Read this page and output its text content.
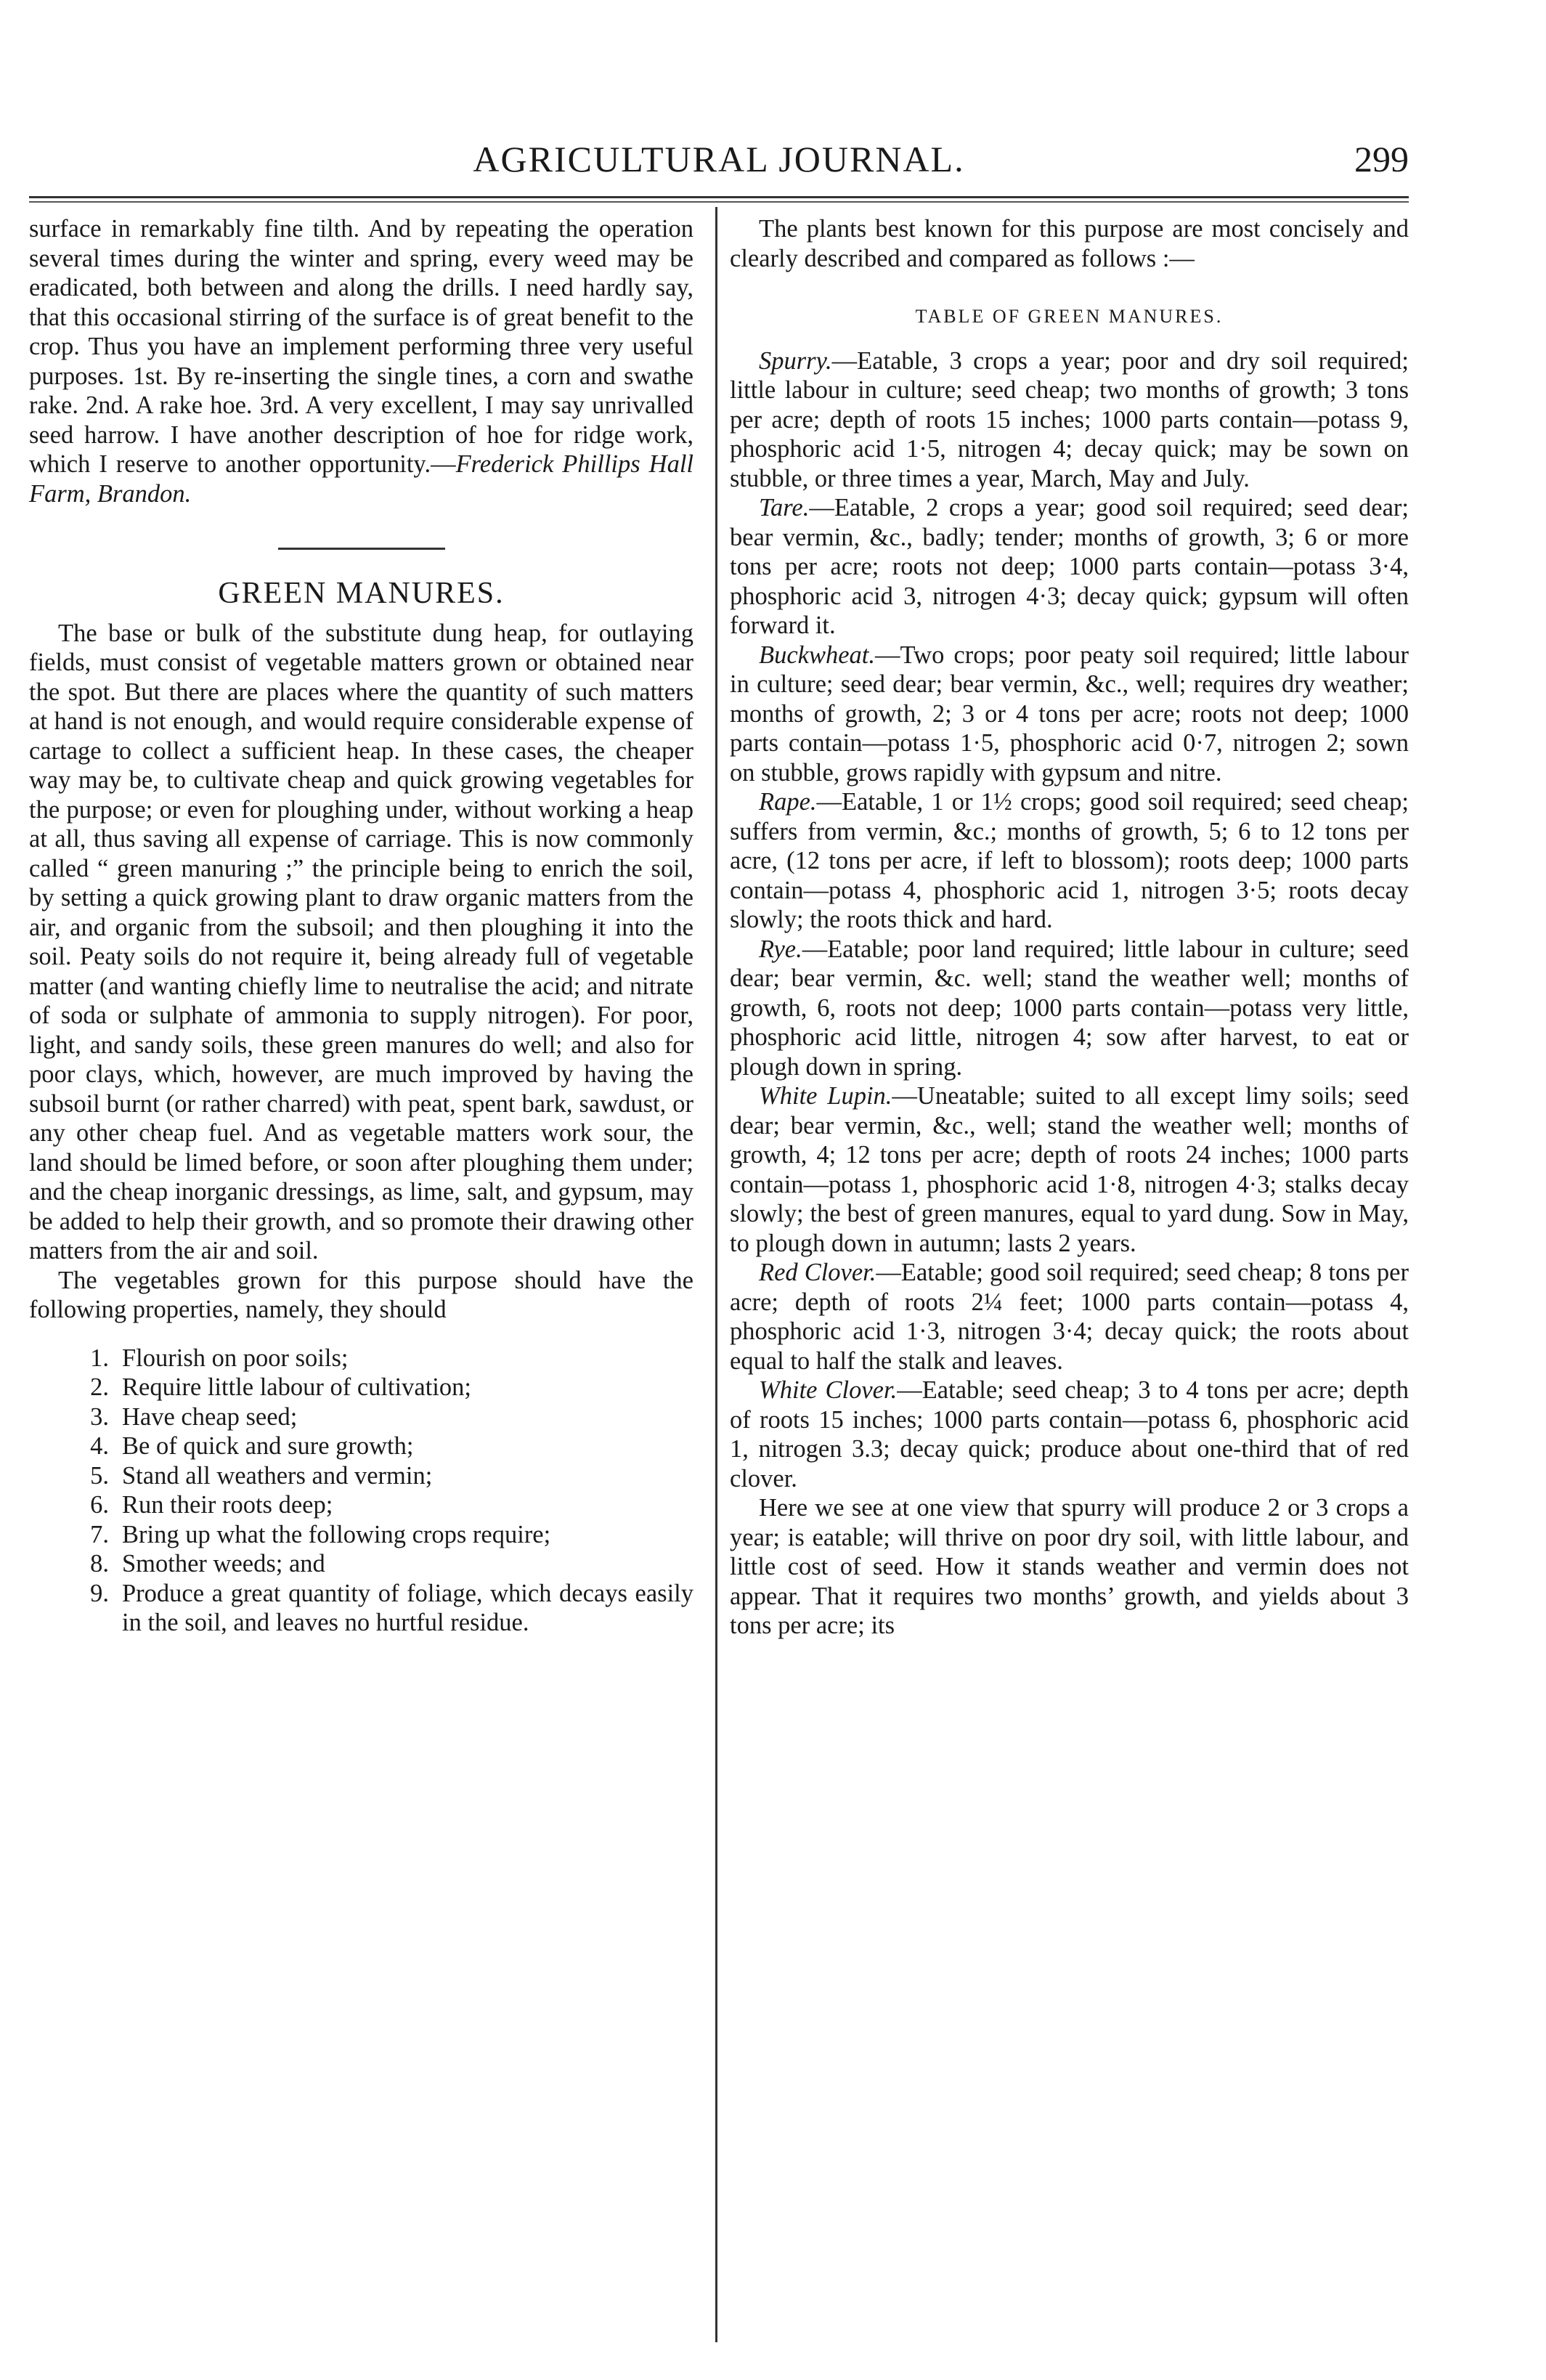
AGRICULTURAL JOURNAL.	299

surface in remarkably fine tilth. And by repeating the operation several times during the winter and spring, every weed may be eradicated, both between and along the drills. I need hardly say, that this occasional stirring of the surface is of great benefit to the crop. Thus you have an implement performing three very useful purposes. 1st. By re-inserting the single tines, a corn and swathe rake. 2nd. A rake hoe. 3rd. A very excellent, I may say unrivalled seed harrow. I have another description of hoe for ridge work, which I reserve to another opportunity.—Frederick Phillips Hall Farm, Brandon.

GREEN MANURES.

The base or bulk of the substitute dung heap, for outlaying fields, must consist of vegetable matters grown or obtained near the spot. But there are places where the quantity of such matters at hand is not enough, and would require considerable expense of cartage to collect a sufficient heap. In these cases, the cheaper way may be, to cultivate cheap and quick growing vegetables for the purpose; or even for ploughing under, without working a heap at all, thus saving all expense of carriage. This is now commonly called “ green manuring ;” the principle being to enrich the soil, by setting a quick growing plant to draw organic matters from the air, and organic from the subsoil; and then ploughing it into the soil. Peaty soils do not require it, being already full of vegetable matter (and wanting chiefly lime to neutralise the acid; and nitrate of soda or sulphate of ammonia to supply nitrogen). For poor, light, and sandy soils, these green manures do well; and also for poor clays, which, however, are much improved by having the subsoil burnt (or rather charred) with peat, spent bark, sawdust, or any other cheap fuel. And as vegetable matters work sour, the land should be limed before, or soon after ploughing them under; and the cheap inorganic dressings, as lime, salt, and gypsum, may be added to help their growth, and so promote their drawing other matters from the air and soil.

The vegetables grown for this purpose should have the following properties, namely, they should

1. Flourish on poor soils;
2. Require little labour of cultivation;
3. Have cheap seed;
4. Be of quick and sure growth;
5. Stand all weathers and vermin;
6. Run their roots deep;
7. Bring up what the following crops require;
8. Smother weeds; and
9. Produce a great quantity of foliage, which decays easily in the soil, and leaves no hurtful residue.

The plants best known for this purpose are most concisely and clearly described and compared as follows :—

TABLE OF GREEN MANURES.

Spurry.—Eatable, 3 crops a year; poor and dry soil required; little labour in culture; seed cheap; two months of growth; 3 tons per acre; depth of roots 15 inches; 1000 parts contain—potass 9, phosphoric acid 1·5, nitrogen 4; decay quick; may be sown on stubble, or three times a year, March, May and July.

Tare.—Eatable, 2 crops a year; good soil required; seed dear; bear vermin, &c., badly; tender; months of growth, 3; 6 or more tons per acre; roots not deep; 1000 parts contain—potass 3·4, phosphoric acid 3, nitrogen 4·3; decay quick; gypsum will often forward it.

Buckwheat.—Two crops; poor peaty soil required; little labour in culture; seed dear; bear vermin, &c., well; requires dry weather; months of growth, 2; 3 or 4 tons per acre; roots not deep; 1000 parts contain—potass 1·5, phosphoric acid 0·7, nitrogen 2; sown on stubble, grows rapidly with gypsum and nitre.

Rape.—Eatable, 1 or 1½ crops; good soil required; seed cheap; suffers from vermin, &c.; months of growth, 5; 6 to 12 tons per acre, (12 tons per acre, if left to blossom); roots deep; 1000 parts contain—potass 4, phosphoric acid 1, nitrogen 3·5; roots decay slowly; the roots thick and hard.

Rye.—Eatable; poor land required; little labour in culture; seed dear; bear vermin, &c. well; stand the weather well; months of growth, 6, roots not deep; 1000 parts contain—potass very little, phosphoric acid little, nitrogen 4; sow after harvest, to eat or plough down in spring.

White Lupin.—Uneatable; suited to all except limy soils; seed dear; bear vermin, &c., well; stand the weather well; months of growth, 4; 12 tons per acre; depth of roots 24 inches; 1000 parts contain—potass 1, phosphoric acid 1·8, nitrogen 4·3; stalks decay slowly; the best of green manures, equal to yard dung. Sow in May, to plough down in autumn; lasts 2 years.

Red Clover.—Eatable; good soil required; seed cheap; 8 tons per acre; depth of roots 2¼ feet; 1000 parts contain—potass 4, phosphoric acid 1·3, nitrogen 3·4; decay quick; the roots about equal to half the stalk and leaves.

White Clover.—Eatable; seed cheap; 3 to 4 tons per acre; depth of roots 15 inches; 1000 parts contain—potass 6, phosphoric acid 1, nitrogen 3.3; decay quick; produce about one-third that of red clover.

Here we see at one view that spurry will produce 2 or 3 crops a year; is eatable; will thrive on poor dry soil, with little labour, and little cost of seed. How it stands weather and vermin does not appear. That it requires two months’ growth, and yields about 3 tons per acre; its
